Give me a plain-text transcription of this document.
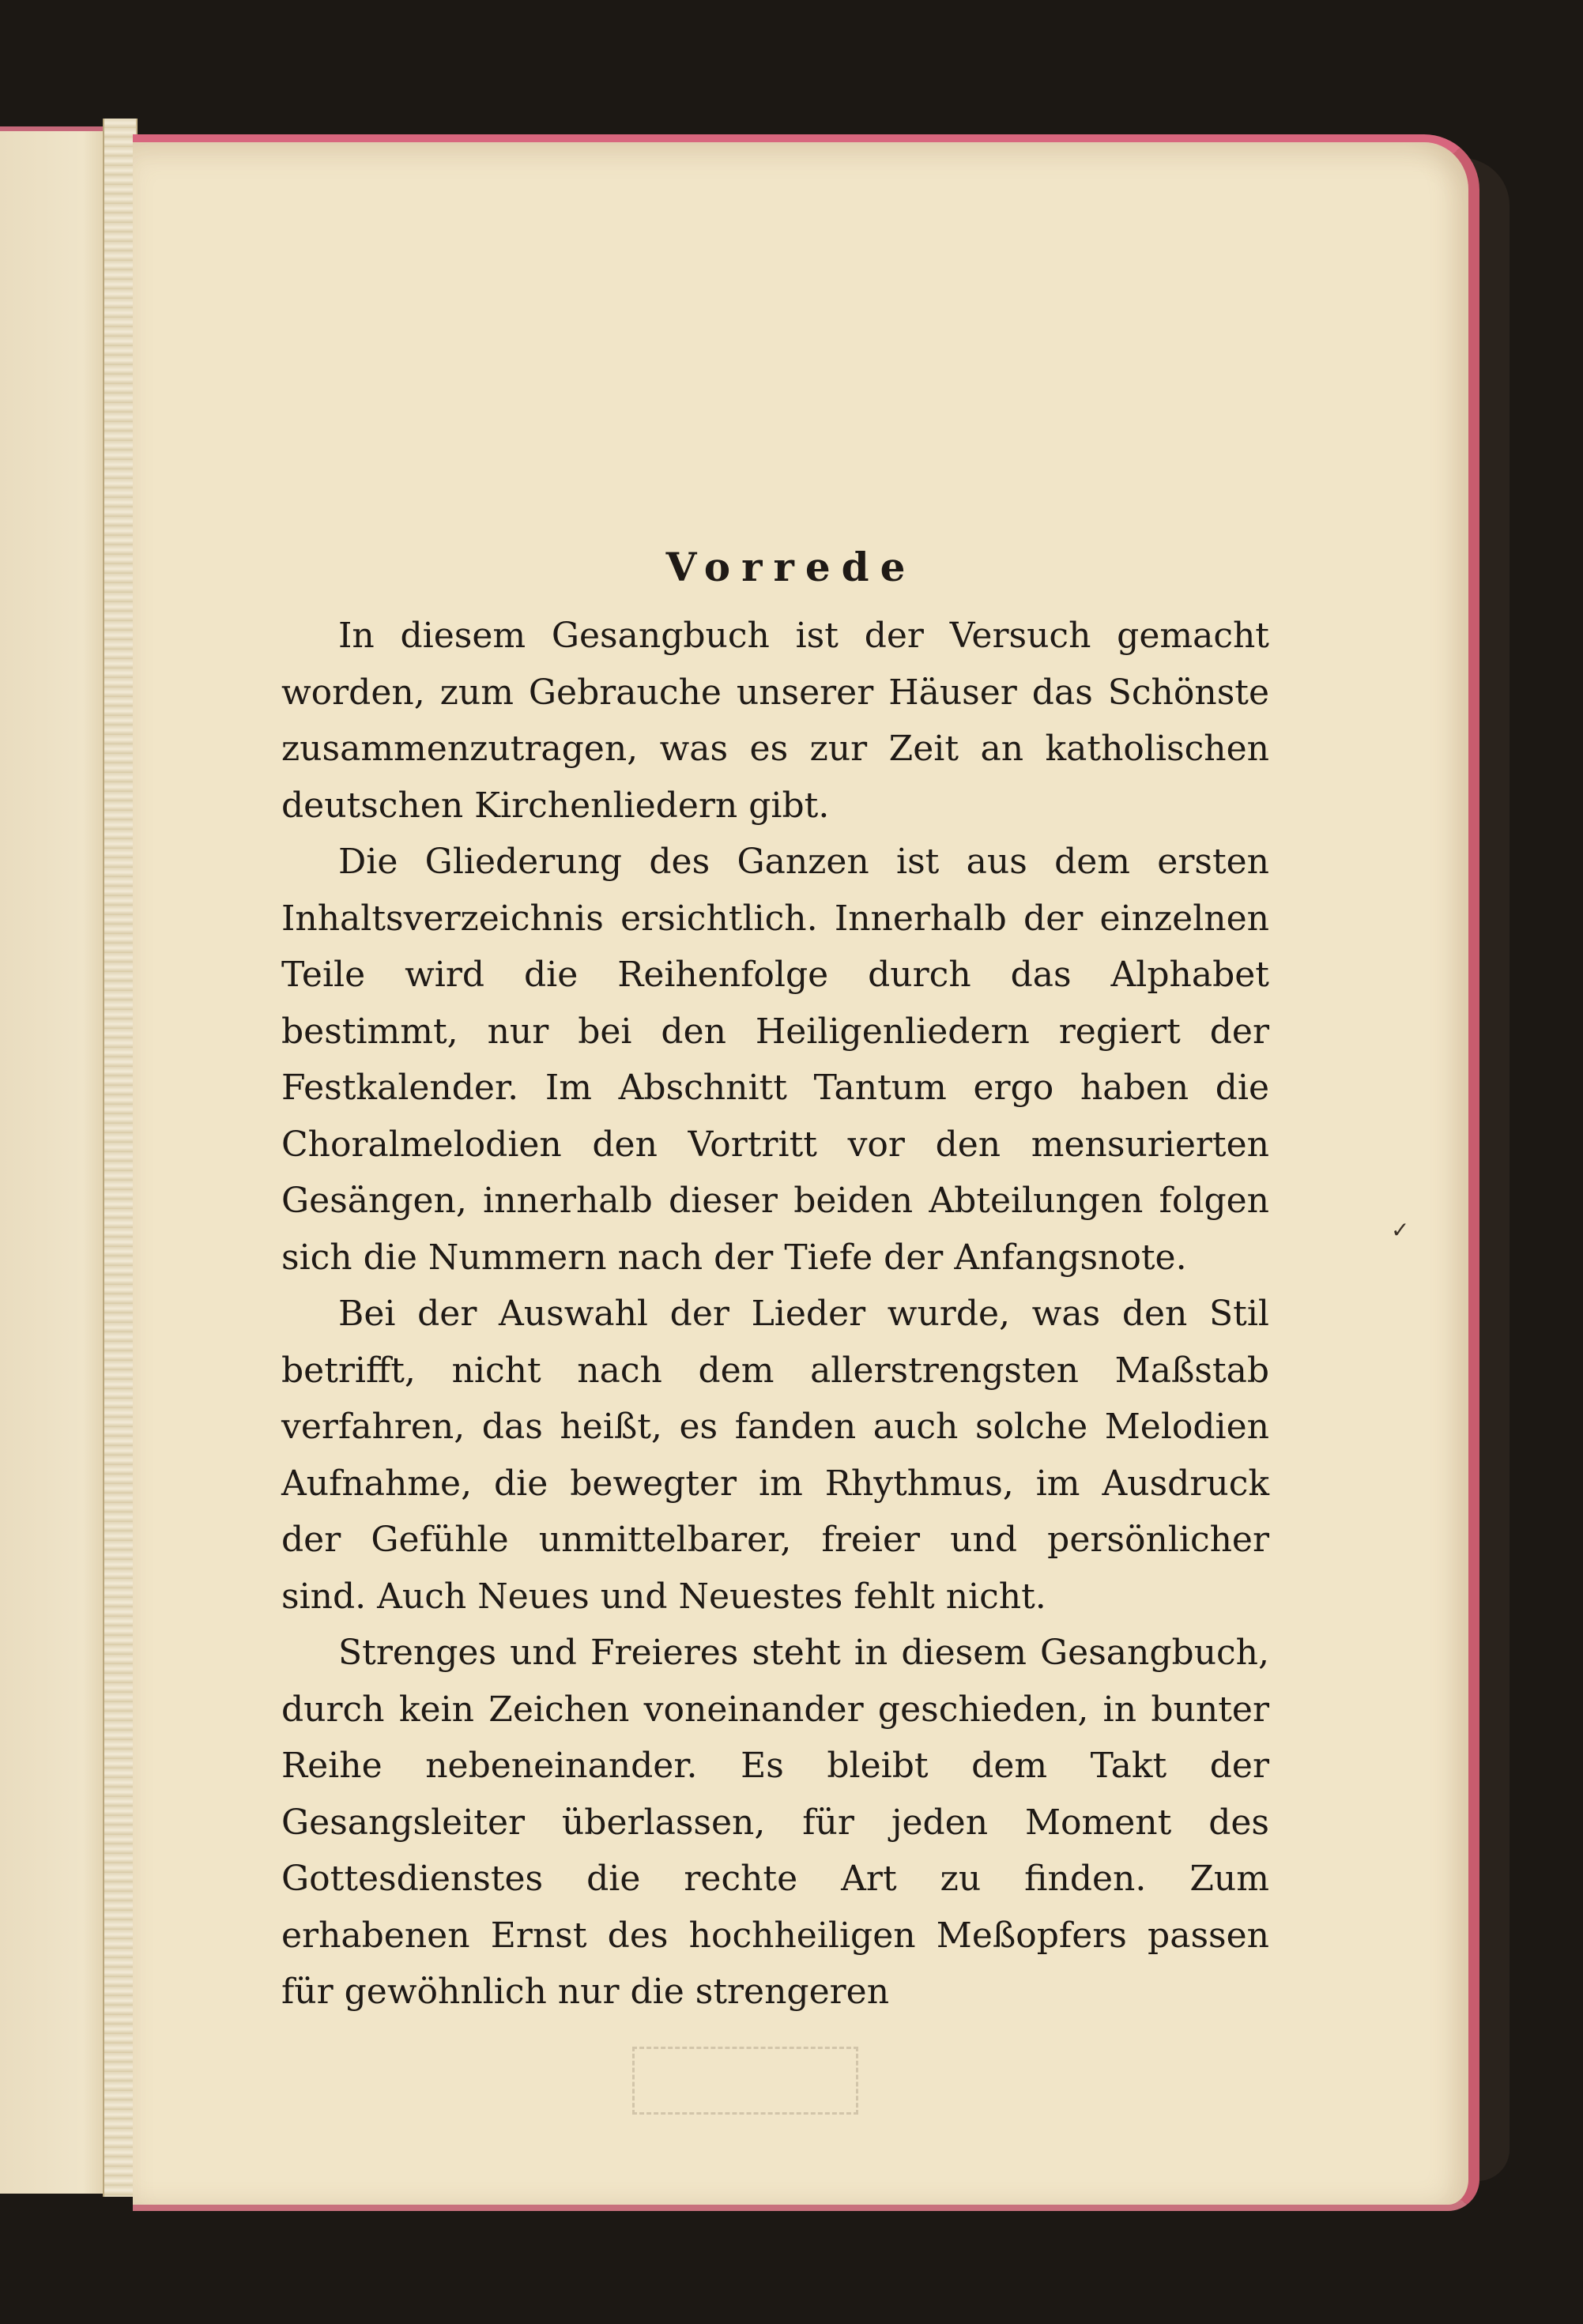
Vorrede

In diesem Gesangbuch ist der Versuch gemacht worden, zum Gebrauche unserer Häuser das Schönste zusammenzutragen, was es zur Zeit an katholischen deutschen Kirchenliedern gibt.

Die Gliederung des Ganzen ist aus dem ersten Inhaltsverzeichnis ersichtlich. Innerhalb der einzelnen Teile wird die Reihenfolge durch das Alphabet bestimmt, nur bei den Heiligenliedern regiert der Festkalender. Im Abschnitt Tantum ergo haben die Choralmelodien den Vortritt vor den mensurierten Gesängen, innerhalb dieser beiden Abteilungen folgen sich die Nummern nach der Tiefe der Anfangsnote.

Bei der Auswahl der Lieder wurde, was den Stil betrifft, nicht nach dem allerstrengsten Maßstab verfahren, das heißt, es fanden auch solche Melodien Aufnahme, die bewegter im Rhythmus, im Ausdruck der Gefühle unmittelbarer, freier und persönlicher sind. Auch Neues und Neuestes fehlt nicht.

Strenges und Freieres steht in diesem Gesangbuch, durch kein Zeichen voneinander geschieden, in bunter Reihe nebeneinander. Es bleibt dem Takt der Gesangsleiter überlassen, für jeden Moment des Gottesdienstes die rechte Art zu finden. Zum erhabenen Ernst des hochheiligen Meßopfers passen für gewöhnlich nur die strengeren

✓
